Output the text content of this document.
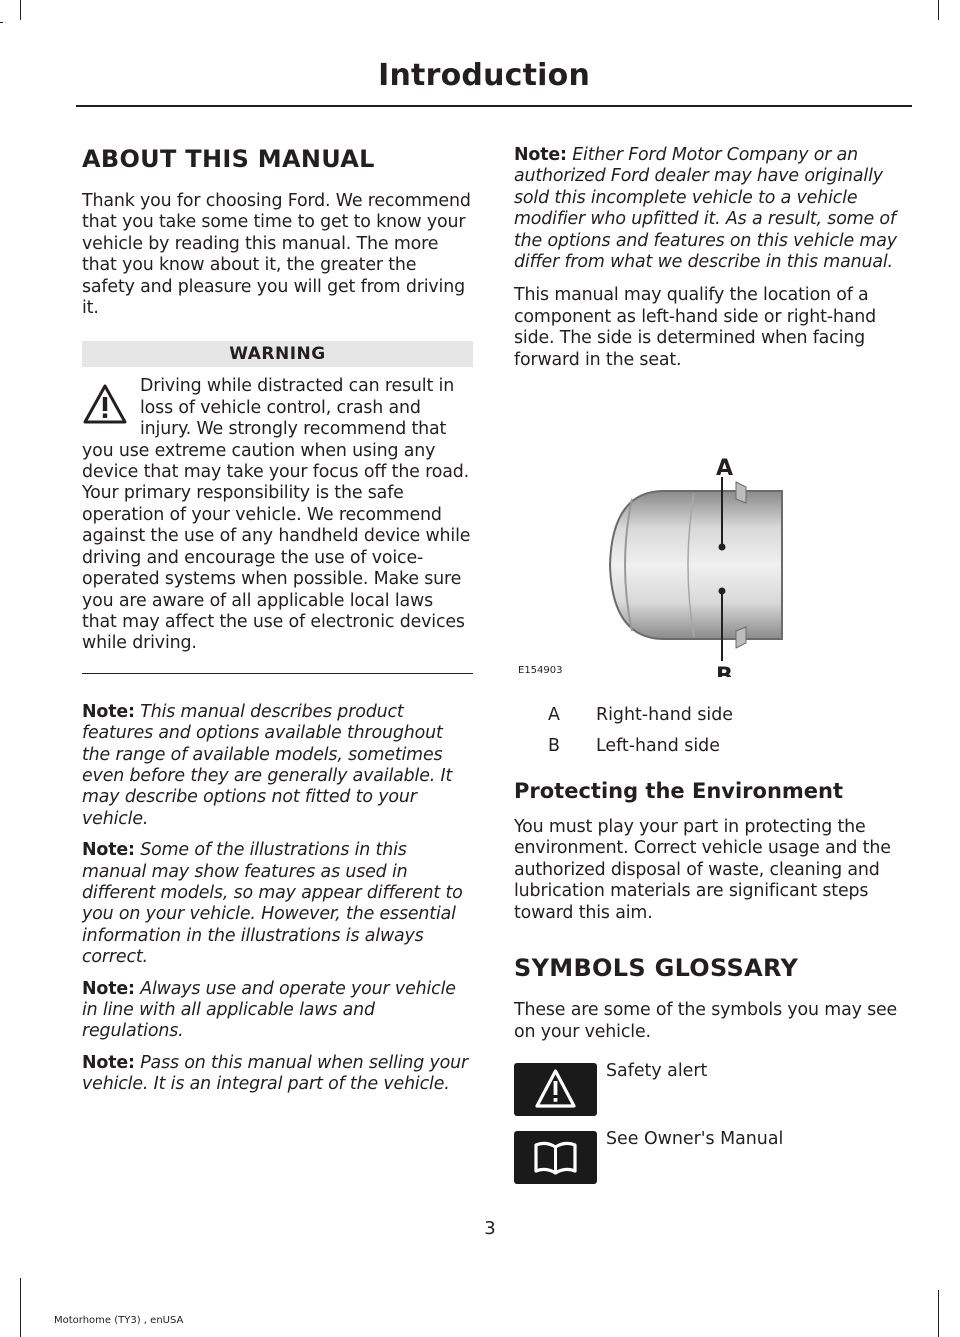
Introduction
ABOUT THIS MANUAL

Thank you for choosing Ford. We recommend that you take some time to get to know your vehicle by reading this manual. The more that you know about it, the greater the safety and pleasure you will get from driving it.

WARNING
Driving while distracted can result in loss of vehicle control, crash and injury. We strongly recommend that you use extreme caution when using any device that may take your focus off the road. Your primary responsibility is the safe operation of your vehicle. We recommend against the use of any handheld device while driving and encourage the use of voice-operated systems when possible. Make sure you are aware of all applicable local laws that may affect the use of electronic devices while driving.

Note: This manual describes product features and options available throughout the range of available models, sometimes even before they are generally available. It may describe options not fitted to your vehicle.

Note: Some of the illustrations in this manual may show features as used in different models, so may appear different to you on your vehicle. However, the essential information in the illustrations is always correct.

Note: Always use and operate your vehicle in line with all applicable laws and regulations.

Note: Pass on this manual when selling your vehicle. It is an integral part of the vehicle.

Note: Either Ford Motor Company or an authorized Ford dealer may have originally sold this incomplete vehicle to a vehicle modifier who upfitted it. As a result, some of the options and features on this vehicle may differ from what we describe in this manual.

This manual may qualify the location of a component as left-hand side or right-hand side. The side is determined when facing forward in the seat.

A
B
E154903
A	Right-hand side
B	Left-hand side
Protecting the Environment

You must play your part in protecting the environment. Correct vehicle usage and the authorized disposal of waste, cleaning and lubrication materials are significant steps toward this aim.

SYMBOLS GLOSSARY

These are some of the symbols you may see on your vehicle.

Safety alert
See Owner's Manual
3
Motorhome (TY3) , enUSA
